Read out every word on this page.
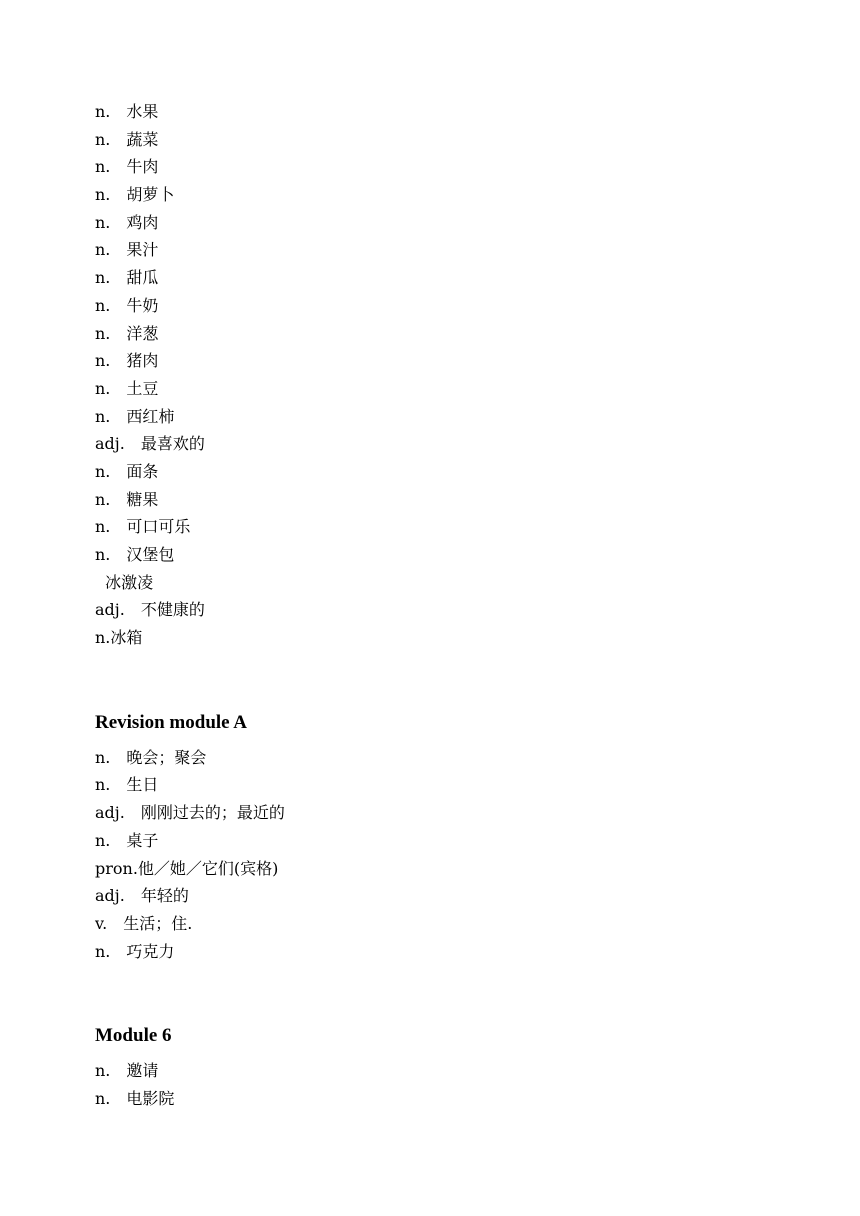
n.　水果
n.　蔬菜
n.　牛肉
n.　胡萝卜
n.　鸡肉
n.　果汁
n.　甜瓜
n.　牛奶
n.　洋葱
n.　猪肉
n.　土豆
n.　西红柿
adj.　最喜欢的
n.　面条
n.　糖果
n.　可口可乐
n.　汉堡包
冰激凌
adj.　不健康的
n.冰箱
Revision module A
n.　晚会；聚会
n.　生日
adj.　刚刚过去的；最近的
n.　桌子
pron.他／她／它们(宾格)
adj.　年轻的
v.　生活；住.
n.　巧克力
Module 6
n.　邀请
n.　电影院
